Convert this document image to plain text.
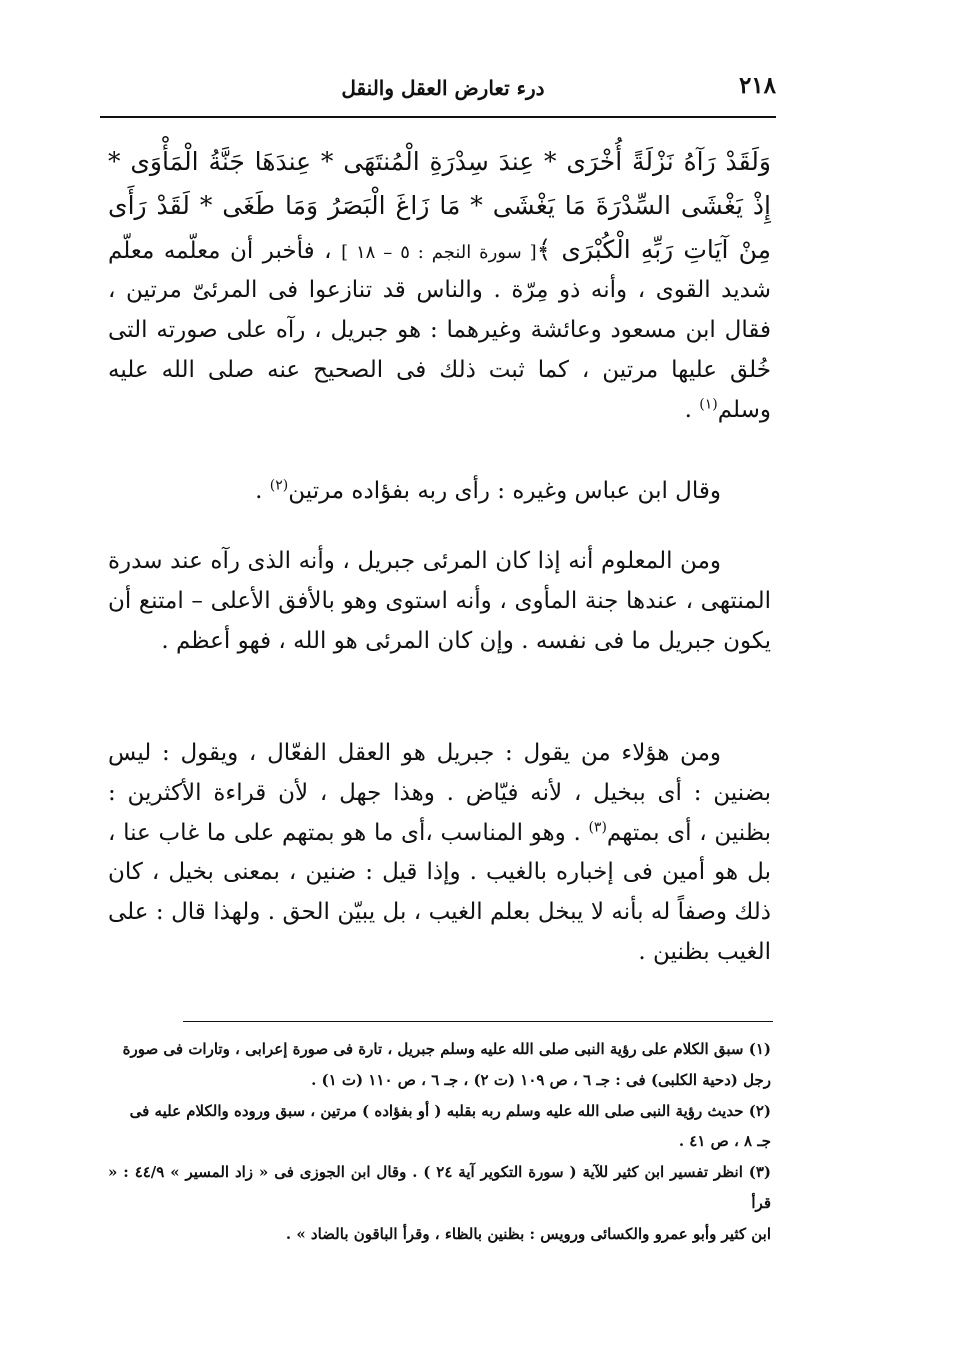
٢١٨
درء تعارض العقل والنقل

وَلَقَدْ رَآهُ نَزْلَةً أُخْرَى * عِندَ سِدْرَةِ الْمُنتَهَى * عِندَهَا جَنَّةُ الْمَأْوَى * إِذْ يَغْشَى السِّدْرَةَ مَا يَغْشَى * مَا زَاغَ الْبَصَرُ وَمَا طَغَى * لَقَدْ رَأَى مِنْ آيَاتِ رَبِّهِ الْكُبْرَى ﴾[ سورة النجم : ٥ – ١٨ ] ، فأخبر أن معلّمه معلّم شديد القوى ، وأنه ذو مِرّة . والناس قد تنازعوا فى المرئىّ مرتين ، فقال ابن مسعود وعائشة وغيرهما : هو جبريل ، رآه على صورته التى خُلق عليها مرتين ، كما ثبت ذلك فى الصحيح عنه صلى الله عليه وسلم$^{(١)}$ .

وقال ابن عباس وغيره : رأى ربه بفؤاده مرتين$^{(٢)}$ .

ومن المعلوم أنه إذا كان المرئى جبريل ، وأنه الذى رآه عند سدرة المنتهى ، عندها جنة المأوى ، وأنه استوى وهو بالأفق الأعلى – امتنع أن يكون جبريل ما فى نفسه . وإن كان المرئى هو الله ، فهو أعظم .

ومن هؤلاء من يقول : جبريل هو العقل الفعّال ، ويقول : ليس بضنين : أى ببخيل ، لأنه فيّاض . وهذا جهل ، لأن قراءة الأكثرين : بظنين ، أى بمتهم$^{(٣)}$ . وهو المناسب ،أى ما هو بمتهم على ما غاب عنا ، بل هو أمين فى إخباره بالغيب . وإذا قيل : ضنين ، بمعنى بخيل ، كان ذلك وصفاً له بأنه لا يبخل بعلم الغيب ، بل يبيّن الحق . ولهذا قال : على الغيب بظنين .

(١) سبق الكلام على رؤية النبى صلى الله عليه وسلم جبريل ، تارة فى صورة إعرابى ، وتارات فى صورة
رجل (دحية الكلبى) فى : جـ ٦ ، ص ١٠٩ (ت ٢) ، جـ ٦ ، ص ١١٠ (ت ١) .

(٢) حديث رؤية النبى صلى الله عليه وسلم ربه بقلبه ( أو بفؤاده ) مرتين ، سبق وروده والكلام عليه فى
جـ ٨ ، ص ٤١ .

(٣) انظر تفسير ابن كثير للآية ( سورة التكوير آية ٢٤ ) . وقال ابن الجوزى فى « زاد المسير » ٤٤/٩ : « قرأ
ابن كثير وأبو عمرو والكسائى ورويس : بظنين بالظاء ، وقرأ الباقون بالضاد » .
